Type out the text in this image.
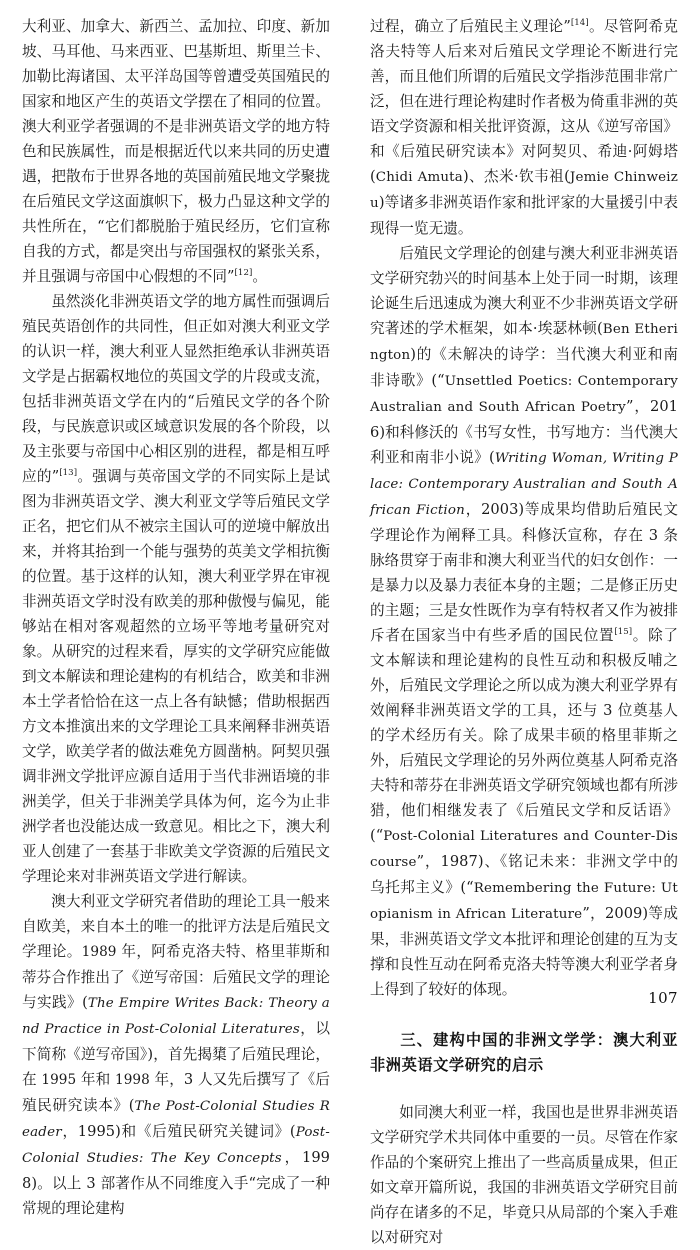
大利亚、加拿大、新西兰、孟加拉、印度、新加坡、马耳他、马来西亚、巴基斯坦、斯里兰卡、加勒比海诸国、太平洋岛国等曾遭受英国殖民的国家和地区产生的英语文学摆在了相同的位置。澳大利亚学者强调的不是非洲英语文学的地方特色和民族属性，而是根据近代以来共同的历史遭遇，把散布于世界各地的英国前殖民地文学聚拢在后殖民文学这面旗帜下，极力凸显这种文学的共性所在，“它们都脱胎于殖民经历，它们宣称自我的方式，都是突出与帝国强权的紧张关系，并且强调与帝国中心假想的不同”[12]。

虽然淡化非洲英语文学的地方属性而强调后殖民英语创作的共同性，但正如对澳大利亚文学的认识一样，澳大利亚人显然拒绝承认非洲英语文学是占据霸权地位的英国文学的片段或支流，包括非洲英语文学在内的“后殖民文学的各个阶段，与民族意识或区域意识发展的各个阶段，以及主张要与帝国中心相区别的进程，都是相互呼应的”[13]。强调与英帝国文学的不同实际上是试图为非洲英语文学、澳大利亚文学等后殖民文学正名，把它们从不被宗主国认可的逆境中解放出来，并将其抬到一个能与强势的英美文学相抗衡的位置。基于这样的认知，澳大利亚学界在审视非洲英语文学时没有欧美的那种傲慢与偏见，能够站在相对客观超然的立场平等地考量研究对象。从研究的过程来看，厚实的文学研究应能做到文本解读和理论建构的有机结合，欧美和非洲本土学者恰恰在这一点上各有缺憾；借助根据西方文本推演出来的文学理论工具来阐释非洲英语文学，欧美学者的做法难免方圆凿枘。阿契贝强调非洲文学批评应源自适用于当代非洲语境的非洲美学，但关于非洲美学具体为何，迄今为止非洲学者也没能达成一致意见。相比之下，澳大利亚人创建了一套基于非欧美文学资源的后殖民文学理论来对非洲英语文学进行解读。

澳大利亚文学研究者借助的理论工具一般来自欧美，来自本土的唯一的批评方法是后殖民文学理论。1989 年，阿希克洛夫特、格里菲斯和蒂芬合作推出了《逆写帝国：后殖民文学的理论与实践》(The Empire Writes Back: Theory and Practice in Post-Colonial Literatures，以下简称《逆写帝国》)，首先揭橥了后殖民理论，在 1995 年和 1998 年，3 人又先后撰写了《后殖民研究读本》(The Post-Colonial Studies Reader，1995)和《后殖民研究关键词》(Post-Colonial Studies: The Key Concepts，1998)。以上 3 部著作从不同维度入手“完成了一种常规的理论建构

过程，确立了后殖民主义理论”[14]。尽管阿希克洛夫特等人后来对后殖民文学理论不断进行完善，而且他们所谓的后殖民文学指涉范围非常广泛，但在进行理论构建时作者极为倚重非洲的英语文学资源和相关批评资源，这从《逆写帝国》和《后殖民研究读本》对阿契贝、希迪·阿姆塔(Chidi Amuta)、杰米·钦韦祖(Jemie Chinweizu)等诸多非洲英语作家和批评家的大量援引中表现得一览无遗。

后殖民文学理论的创建与澳大利亚非洲英语文学研究勃兴的时间基本上处于同一时期，该理论诞生后迅速成为澳大利亚不少非洲英语文学研究著述的学术框架，如本·埃瑟林顿(Ben Etherington)的《未解决的诗学：当代澳大利亚和南非诗歌》(“Unsettled Poetics: Contemporary Australian and South African Poetry”，2016)和科修沃的《书写女性，书写地方：当代澳大利亚和南非小说》(Writing Woman, Writing Place: Contemporary Australian and South African Fiction，2003)等成果均借助后殖民文学理论作为阐释工具。科修沃宣称，存在 3 条脉络贯穿于南非和澳大利亚当代的妇女创作：一是暴力以及暴力表征本身的主题；二是修正历史的主题；三是女性既作为享有特权者又作为被排斥者在国家当中有些矛盾的国民位置[15]。除了文本解读和理论建构的良性互动和积极反哺之外，后殖民文学理论之所以成为澳大利亚学界有效阐释非洲英语文学的工具，还与 3 位奠基人的学术经历有关。除了成果丰硕的格里菲斯之外，后殖民文学理论的另外两位奠基人阿希克洛夫特和蒂芬在非洲英语文学研究领域也都有所涉猎，他们相继发表了《后殖民文学和反话语》(“Post-Colonial Literatures and Counter-Discourse”，1987)、《铭记未来：非洲文学中的乌托邦主义》(“Remembering the Future: Utopianism in African Literature”，2009)等成果，非洲英语文学文本批评和理论创建的互为支撑和良性互动在阿希克洛夫特等澳大利亚学者身上得到了较好的体现。

三、建构中国的非洲文学学：澳大利亚非洲英语文学研究的启示

如同澳大利亚一样，我国也是世界非洲英语文学研究学术共同体中重要的一员。尽管在作家作品的个案研究上推出了一些高质量成果，但正如文章开篇所说，我国的非洲英语文学研究目前尚存在诸多的不足，毕竟只从局部的个案入手难以对研究对

107
